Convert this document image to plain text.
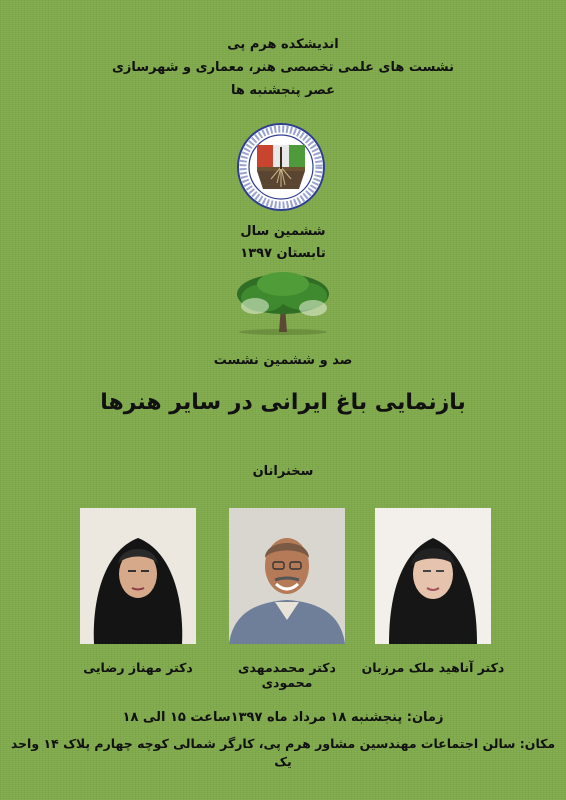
اندیشکده هرم پی
نشست های علمی تخصصی هنر، معماری و شهرسازی
عصر پنجشنبه ها
ششمین سال
تابستان ۱۳۹۷
صد و ششمین نشست
بازنمایی باغ ایرانی در سایر هنرها
سخنرانان
دکتر آناهید ملک مرزبان
دکتر محمدمهدی محمودی
دکتر مهناز رضایی
زمان: پنجشنبه ۱۸ مرداد ماه ۱۳۹۷ساعت ۱۵ الی ۱۸
مکان: سالن اجتماعات مهندسین مشاور هرم پی، کارگر شمالی کوچه چهارم پلاک ۱۴ واحد یک
